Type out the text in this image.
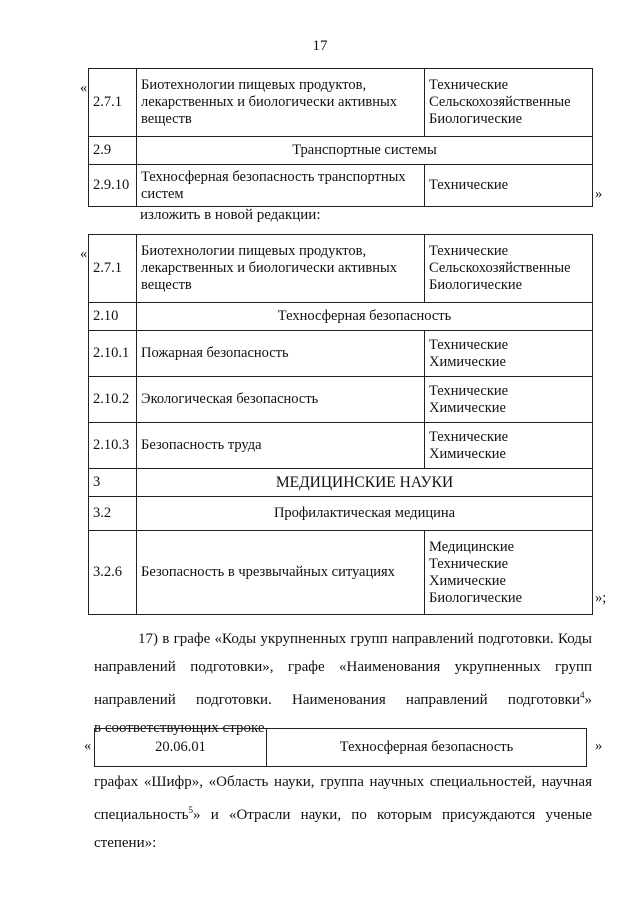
17
«
2.7.1	Биотехнологии пищевых продуктов, лекарственных и биологически активных веществ	Технические
Сельскохозяйственные
Биологические

2.9	Транспортные системы	
2.9.10	Техносферная безопасность транспортных систем	Технические
»
изложить в новой редакции:
«
2.7.1	Биотехнологии пищевых продуктов, лекарственных и биологически активных веществ	Технические
Сельскохозяйственные
Биологические

2.10	Техносферная безопасность	
2.10.1	Пожарная безопасность	Технические
Химические

2.10.2	Экологическая безопасность	Технические
Химические

2.10.3	Безопасность труда	Технические
Химические

3	МЕДИЦИНСКИЕ НАУКИ	
3.2	Профилактическая медицина	
3.2.6	Безопасность в чрезвычайных ситуациях	Медицинские
Технические
Химические
Биологические	»;
17) в графе «Коды укрупненных групп направлений подготовки. Коды
направлений подготовки», графе «Наименования укрупненных групп
направлений подготовки. Наименования направлений подготовки$^4$»
в соответствующих строке
«	20.06.01	Техносферная безопасность	»
графах «Шифр», «Область науки, группа научных специальностей, научная
специальность$^5$» и «Отрасли науки, по которым присуждаются ученые
степени»:
